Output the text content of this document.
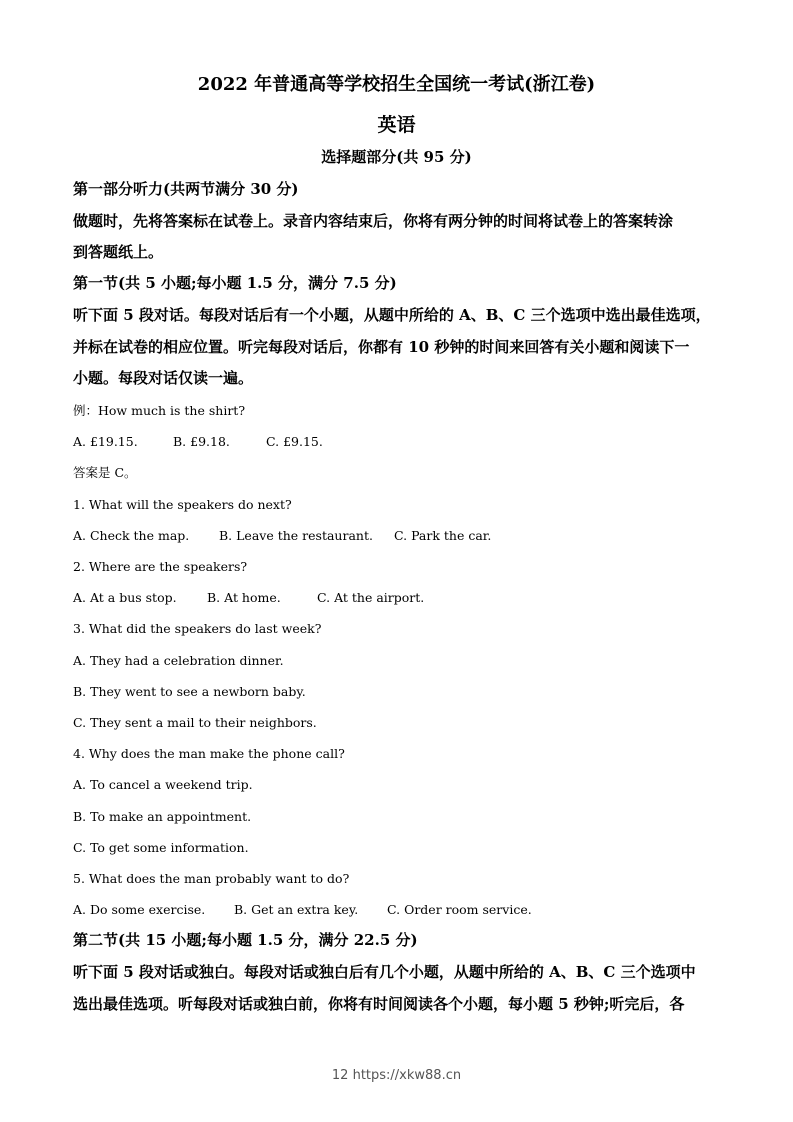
2022 年普通高等学校招生全国统一考试(浙江卷)

英语

选择题部分(共 95 分)

第一部分听力(共两节满分 30 分)

做题时，先将答案标在试卷上。录音内容结束后，你将有两分钟的时间将试卷上的答案转涂

到答题纸上。

第一节(共 5 小题;每小题 1.5 分，满分 7.5 分)

听下面 5 段对话。每段对话后有一个小题，从题中所给的 A、B、C 三个选项中选出最佳选项，

并标在试卷的相应位置。听完每段对话后，你都有 10 秒钟的时间来回答有关小题和阅读下一

小题。每段对话仅读一遍。

例：How much is the shirt?

A. £19.15.	B. £9.18.	C. £9.15.

答案是 C。

1. What will the speakers do next?

A. Check the map. B. Leave the restaurant. C. Park the car.

2. Where are the speakers?

A. At a bus stop. B. At home.	C. At the airport.

3. What did the speakers do last week?

A. They had a celebration dinner.

B. They went to see a newborn baby.

C. They sent a mail to their neighbors.

4. Why does the man make the phone call?

A. To cancel a weekend trip.

B. To make an appointment.

C. To get some information.

5. What does the man probably want to do?

A. Do some exercise. B. Get an extra key. C. Order room service.

第二节(共 15 小题;每小题 1.5 分，满分 22.5 分)

听下面 5 段对话或独白。每段对话或独白后有几个小题，从题中所给的 A、B、C 三个选项中

选出最佳选项。听每段对话或独白前，你将有时间阅读各个小题，每小题 5 秒钟;听完后，各

12 https://xkw88.cn
